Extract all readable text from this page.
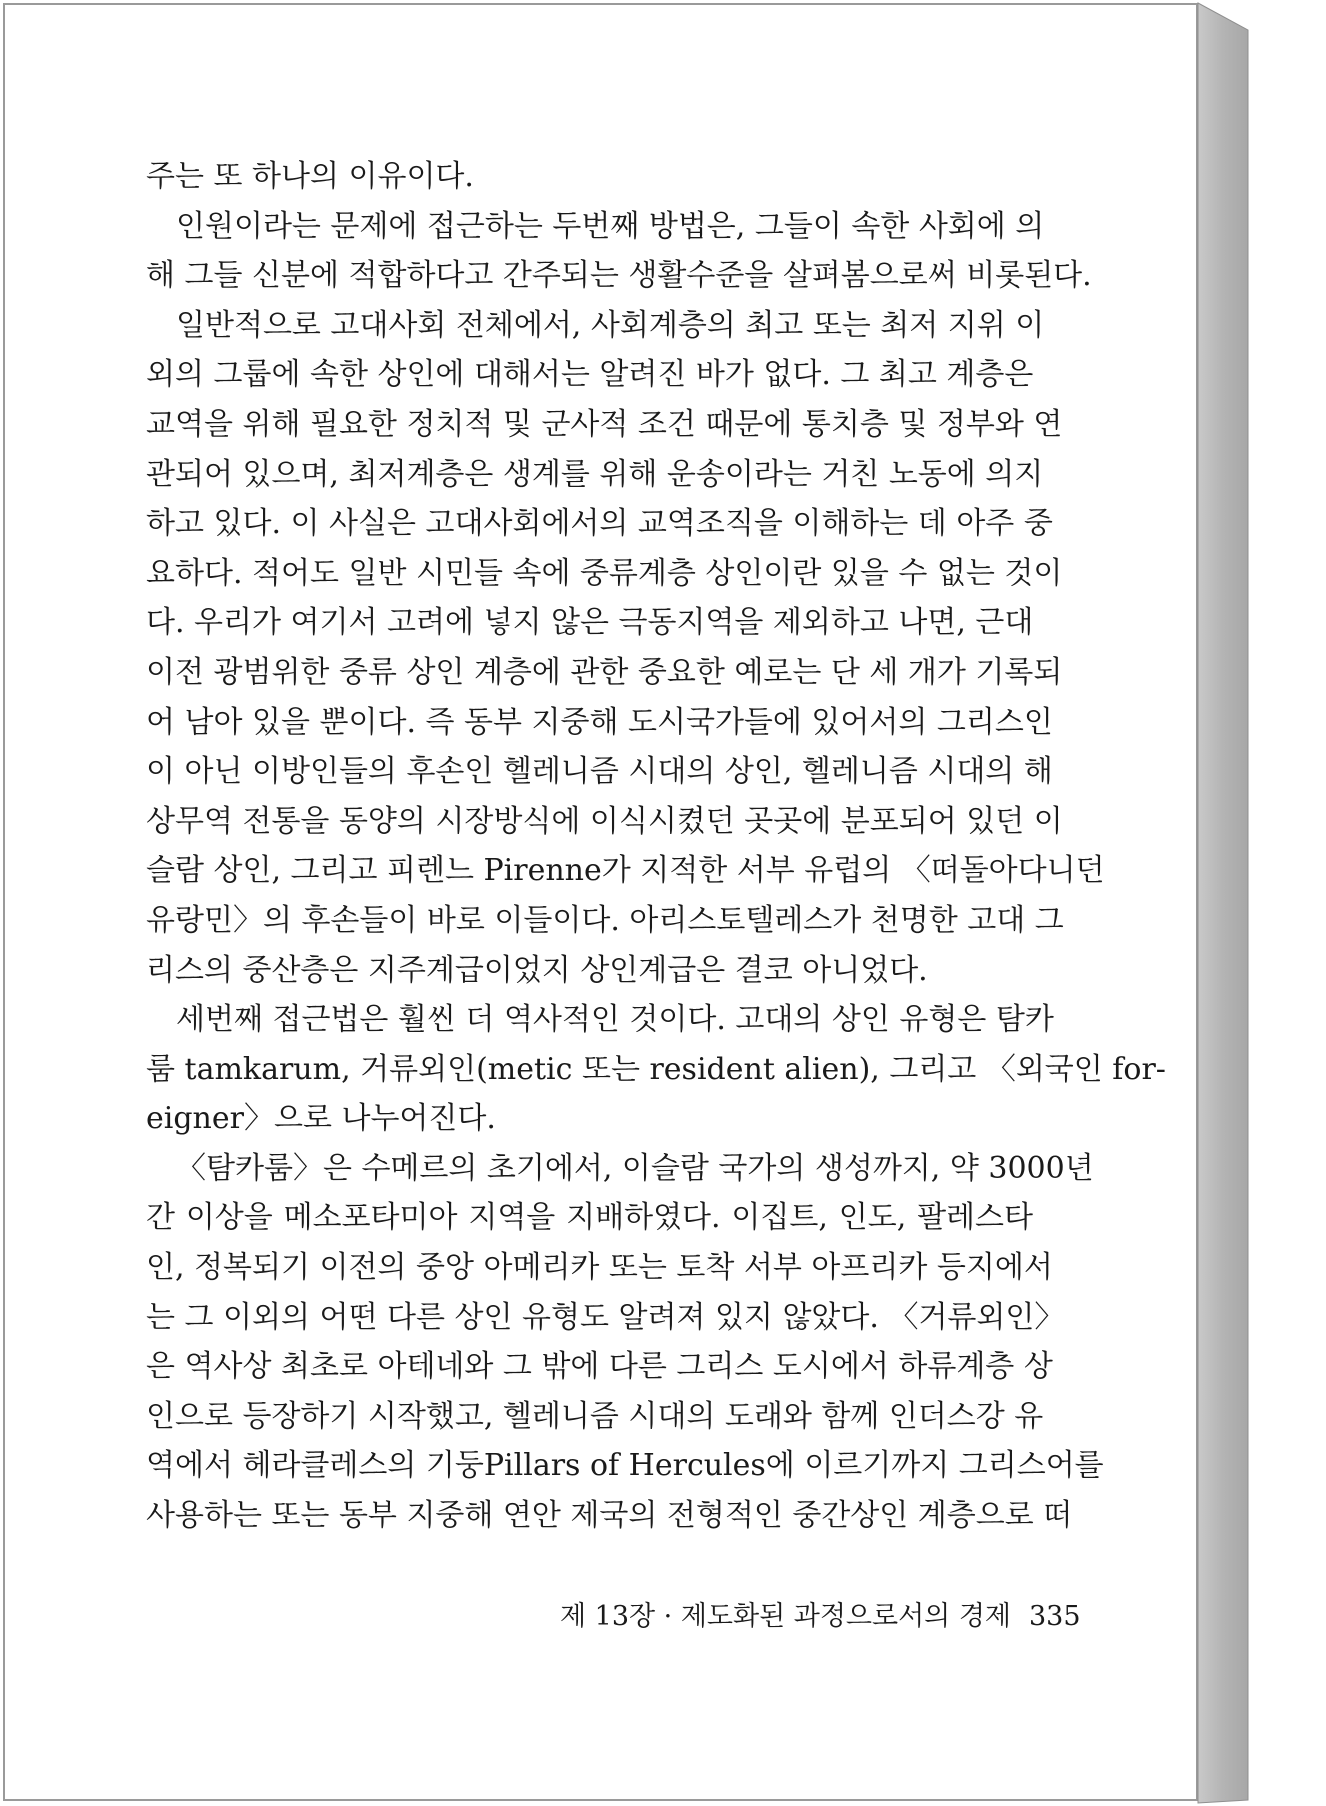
주는 또 하나의 이유이다.
인원이라는 문제에 접근하는 두번째 방법은, 그들이 속한 사회에 의
해 그들 신분에 적합하다고 간주되는 생활수준을 살펴봄으로써 비롯된다.
일반적으로 고대사회 전체에서, 사회계층의 최고 또는 최저 지위 이
외의 그룹에 속한 상인에 대해서는 알려진 바가 없다. 그 최고 계층은
교역을 위해 필요한 정치적 및 군사적 조건 때문에 통치층 및 정부와 연
관되어 있으며, 최저계층은 생계를 위해 운송이라는 거친 노동에 의지
하고 있다. 이 사실은 고대사회에서의 교역조직을 이해하는 데 아주 중
요하다. 적어도 일반 시민들 속에 중류계층 상인이란 있을 수 없는 것이
다. 우리가 여기서 고려에 넣지 않은 극동지역을 제외하고 나면, 근대
이전 광범위한 중류 상인 계층에 관한 중요한 예로는 단 세 개가 기록되
어 남아 있을 뿐이다. 즉 동부 지중해 도시국가들에 있어서의 그리스인
이 아닌 이방인들의 후손인 헬레니즘 시대의 상인, 헬레니즘 시대의 해
상무역 전통을 동양의 시장방식에 이식시켰던 곳곳에 분포되어 있던 이
슬람 상인, 그리고 피렌느 Pirenne가 지적한 서부 유럽의 〈떠돌아다니던
유랑민〉의 후손들이 바로 이들이다. 아리스토텔레스가 천명한 고대 그
리스의 중산층은 지주계급이었지 상인계급은 결코 아니었다.
세번째 접근법은 훨씬 더 역사적인 것이다. 고대의 상인 유형은 탐카
룸 tamkarum, 거류외인(metic 또는 resident alien), 그리고 〈외국인 for-
eigner〉으로 나누어진다.
〈탐카룸〉은 수메르의 초기에서, 이슬람 국가의 생성까지, 약 3000년
간 이상을 메소포타미아 지역을 지배하였다. 이집트, 인도, 팔레스타
인, 정복되기 이전의 중앙 아메리카 또는 토착 서부 아프리카 등지에서
는 그 이외의 어떤 다른 상인 유형도 알려져 있지 않았다. 〈거류외인〉
은 역사상 최초로 아테네와 그 밖에 다른 그리스 도시에서 하류계층 상
인으로 등장하기 시작했고, 헬레니즘 시대의 도래와 함께 인더스강 유
역에서 헤라클레스의 기둥Pillars of Hercules에 이르기까지 그리스어를
사용하는 또는 동부 지중해 연안 제국의 전형적인 중간상인 계층으로 떠
제 13장 · 제도화된 과정으로서의 경제 335
